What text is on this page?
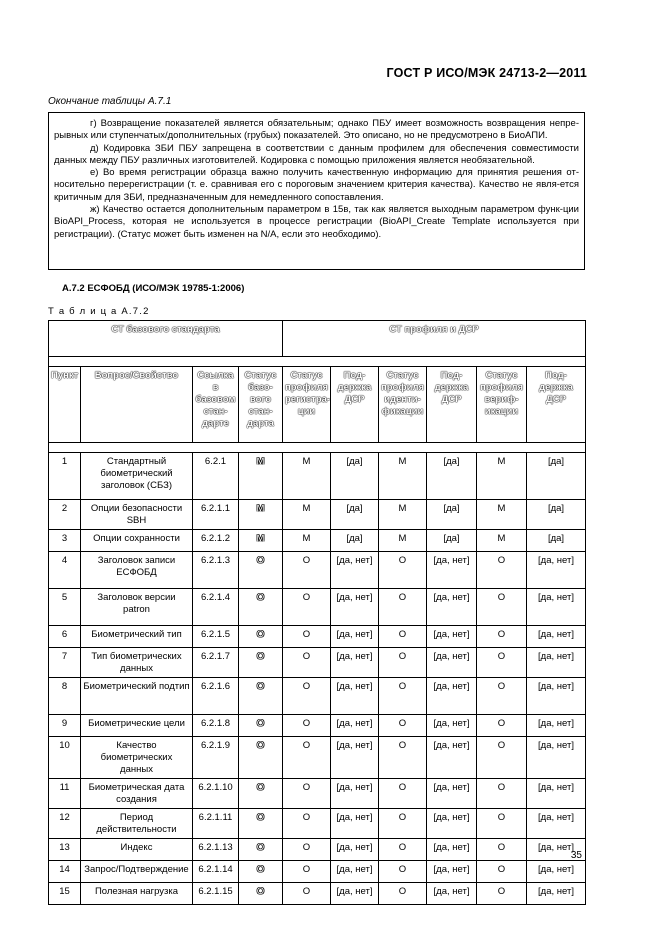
ГОСТ Р ИСО/МЭК 24713-2—2011
Окончание таблицы А.7.1

г) Возвращение показателей является обязательным; однако ПБУ имеет возможность возвращения непре-рывных или ступенчатых/дополнительных (грубых) показателей. Это описано, но не предусмотрено в БиоАПИ.

д) Кодировка ЗБИ ПБУ запрещена в соответствии с данным профилем для обеспечения совместимости данных между ПБУ различных изготовителей. Кодировка с помощью приложения является необязательной.

е) Во время регистрации образца важно получить качественную информацию для принятия решения от-носительно перерегистрации (т. е. сравнивая его с пороговым значением критерия качества). Качество не явля-ется критичным для ЗБИ, предназначенным для немедленного сопоставления.

ж) Качество остается дополнительным параметром в 15в, так как является выходным параметром функ-ции BioAPI_Process, которая не используется в процессе регистрации (BioAPI_Create Template используется при регистрации). (Статус может быть изменен на N/A, если это необходимо).

А.7.2 ЕСФОБД (ИСО/МЭК 19785-1:2006)
Т а б л и ц а А.7.2
СТ базового стандарта				СТ профиля и ДСР					

Пункт	Вопрос/Свойство	Ссылка в базовом стан-дарте	Статус базо-вого стан-дарта	Статус профиля регистра-ции	Под-держка ДСР	Статус профиля иденти-фикации	Под-держка ДСР	Статус профиля вериф-икации	Под-держка ДСР

1	Стандартный биометрический заголовок (СБЗ)	6.2.1	M	M	[да]	M	[да]	M	[да]
2	Опции безопасности SBH	6.2.1.1	M	M	[да]	M	[да]	M	[да]
3	Опции сохранности	6.2.1.2	M	M	[да]	M	[да]	M	[да]
4	Заголовок записи ЕСФОБД	6.2.1.3	O	O	[да, нет]	O	[да, нет]	O	[да, нет]
5	Заголовок версии patron	6.2.1.4	O	O	[да, нет]	O	[да, нет]	O	[да, нет]
6	Биометрический тип	6.2.1.5	O	O	[да, нет]	O	[да, нет]	O	[да, нет]
7	Тип биометрических данных	6.2.1.7	O	O	[да, нет]	O	[да, нет]	O	[да, нет]
8	Биометрический подтип	6.2.1.6	O	O	[да, нет]	O	[да, нет]	O	[да, нет]
9	Биометрические цели	6.2.1.8	O	O	[да, нет]	O	[да, нет]	O	[да, нет]
10	Качество биометрических данных	6.2.1.9	O	O	[да, нет]	O	[да, нет]	O	[да, нет]
11	Биометрическая дата создания	6.2.1.10	O	O	[да, нет]	O	[да, нет]	O	[да, нет]
12	Период действительности	6.2.1.11	O	O	[да, нет]	O	[да, нет]	O	[да, нет]
13	Индекс	6.2.1.13	O	O	[да, нет]	O	[да, нет]	O	[да, нет]
14	Запрос/Подтверждение	6.2.1.14	O	O	[да, нет]	O	[да, нет]	O	[да, нет]
15	Полезная нагрузка	6.2.1.15	O	O	[да, нет]	O	[да, нет]	O	[да, нет]
35
